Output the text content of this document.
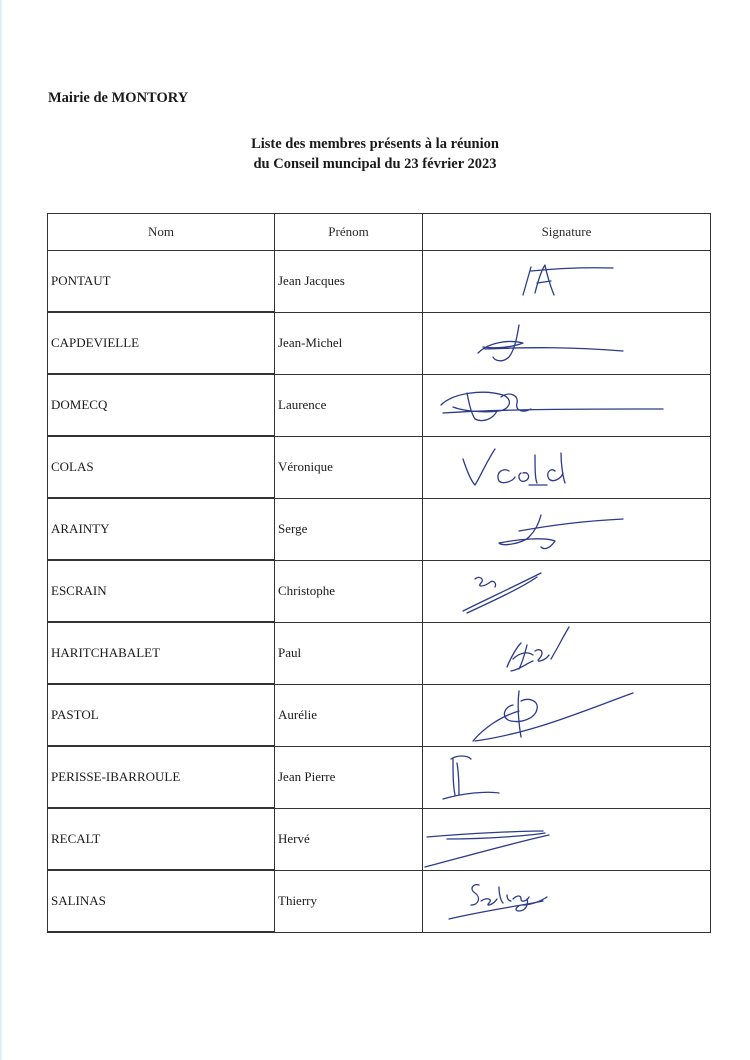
Mairie de MONTORY
Liste des membres présents à la réunion
du Conseil muncipal du 23 février 2023
Nom	Prénom	Signature
PONTAUT	Jean Jacques	

CAPDEVIELLE	Jean-Michel	

DOMECQ	Laurence	

COLAS	Véronique	

ARAINTY	Serge	

ESCRAIN	Christophe	

HARITCHABALET	Paul	

PASTOL	Aurélie	

PERISSE-IBARROULE	Jean Pierre	

RECALT	Hervé	

SALINAS	Thierry	
